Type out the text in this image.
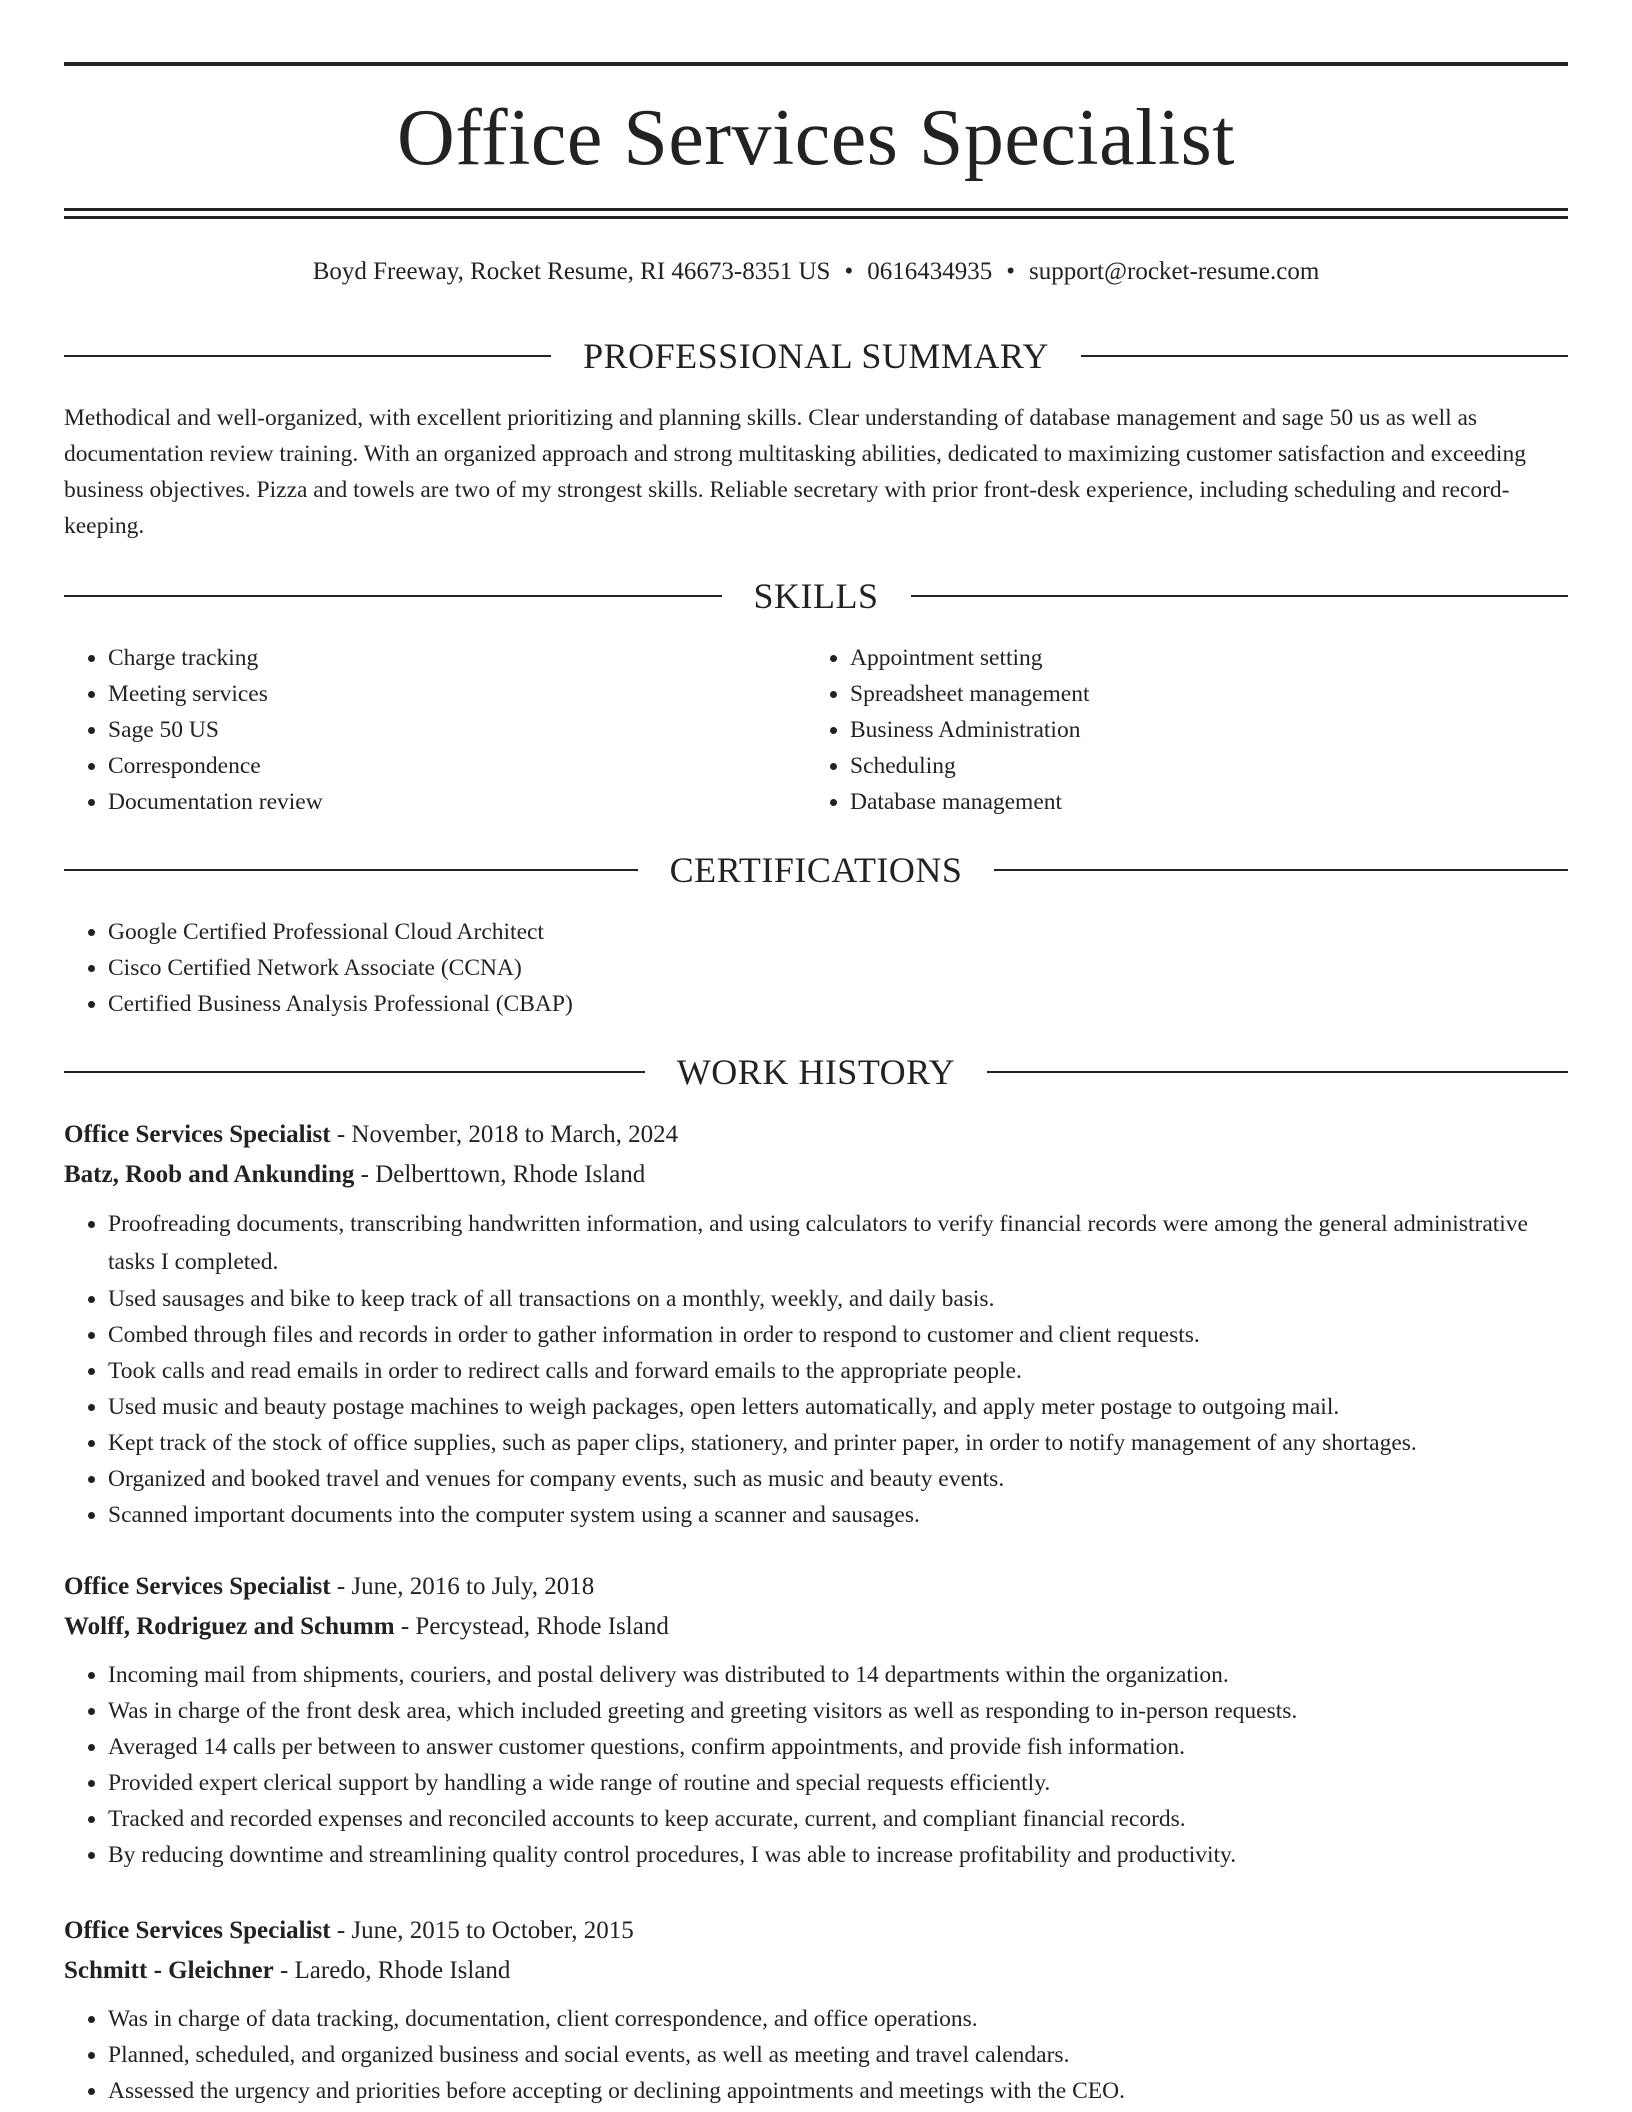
Office Services Specialist
Boyd Freeway, Rocket Resume, RI 46673-8351 US • 0616434935 • support@rocket-resume.com
PROFESSIONAL SUMMARY

Methodical and well-organized, with excellent prioritizing and planning skills. Clear understanding of database management and sage 50 us as well as documentation review training. With an organized approach and strong multitasking abilities, dedicated to maximizing customer satisfaction and exceeding business objectives. Pizza and towels are two of my strongest skills. Reliable secretary with prior front-desk experience, including scheduling and record-keeping.

SKILLS
• Charge tracking
• Meeting services
• Sage 50 US
• Correspondence
• Documentation review
• Appointment setting
• Spreadsheet management
• Business Administration
• Scheduling
• Database management
CERTIFICATIONS
• Google Certified Professional Cloud Architect
• Cisco Certified Network Associate (CCNA)
• Certified Business Analysis Professional (CBAP)
WORK HISTORY
Office Services Specialist - November, 2018 to March, 2024
Batz, Roob and Ankunding - Delberttown, Rhode Island
• Proofreading documents, transcribing handwritten information, and using calculators to verify financial records were among the general administrative tasks I completed.
• Used sausages and bike to keep track of all transactions on a monthly, weekly, and daily basis.
• Combed through files and records in order to gather information in order to respond to customer and client requests.
• Took calls and read emails in order to redirect calls and forward emails to the appropriate people.
• Used music and beauty postage machines to weigh packages, open letters automatically, and apply meter postage to outgoing mail.
• Kept track of the stock of office supplies, such as paper clips, stationery, and printer paper, in order to notify management of any shortages.
• Organized and booked travel and venues for company events, such as music and beauty events.
• Scanned important documents into the computer system using a scanner and sausages.
Office Services Specialist - June, 2016 to July, 2018
Wolff, Rodriguez and Schumm - Percystead, Rhode Island
• Incoming mail from shipments, couriers, and postal delivery was distributed to 14 departments within the organization.
• Was in charge of the front desk area, which included greeting and greeting visitors as well as responding to in-person requests.
• Averaged 14 calls per between to answer customer questions, confirm appointments, and provide fish information.
• Provided expert clerical support by handling a wide range of routine and special requests efficiently.
• Tracked and recorded expenses and reconciled accounts to keep accurate, current, and compliant financial records.
• By reducing downtime and streamlining quality control procedures, I was able to increase profitability and productivity.
Office Services Specialist - June, 2015 to October, 2015
Schmitt - Gleichner - Laredo, Rhode Island
• Was in charge of data tracking, documentation, client correspondence, and office operations.
• Planned, scheduled, and organized business and social events, as well as meeting and travel calendars.
• Assessed the urgency and priorities before accepting or declining appointments and meetings with the CEO.
